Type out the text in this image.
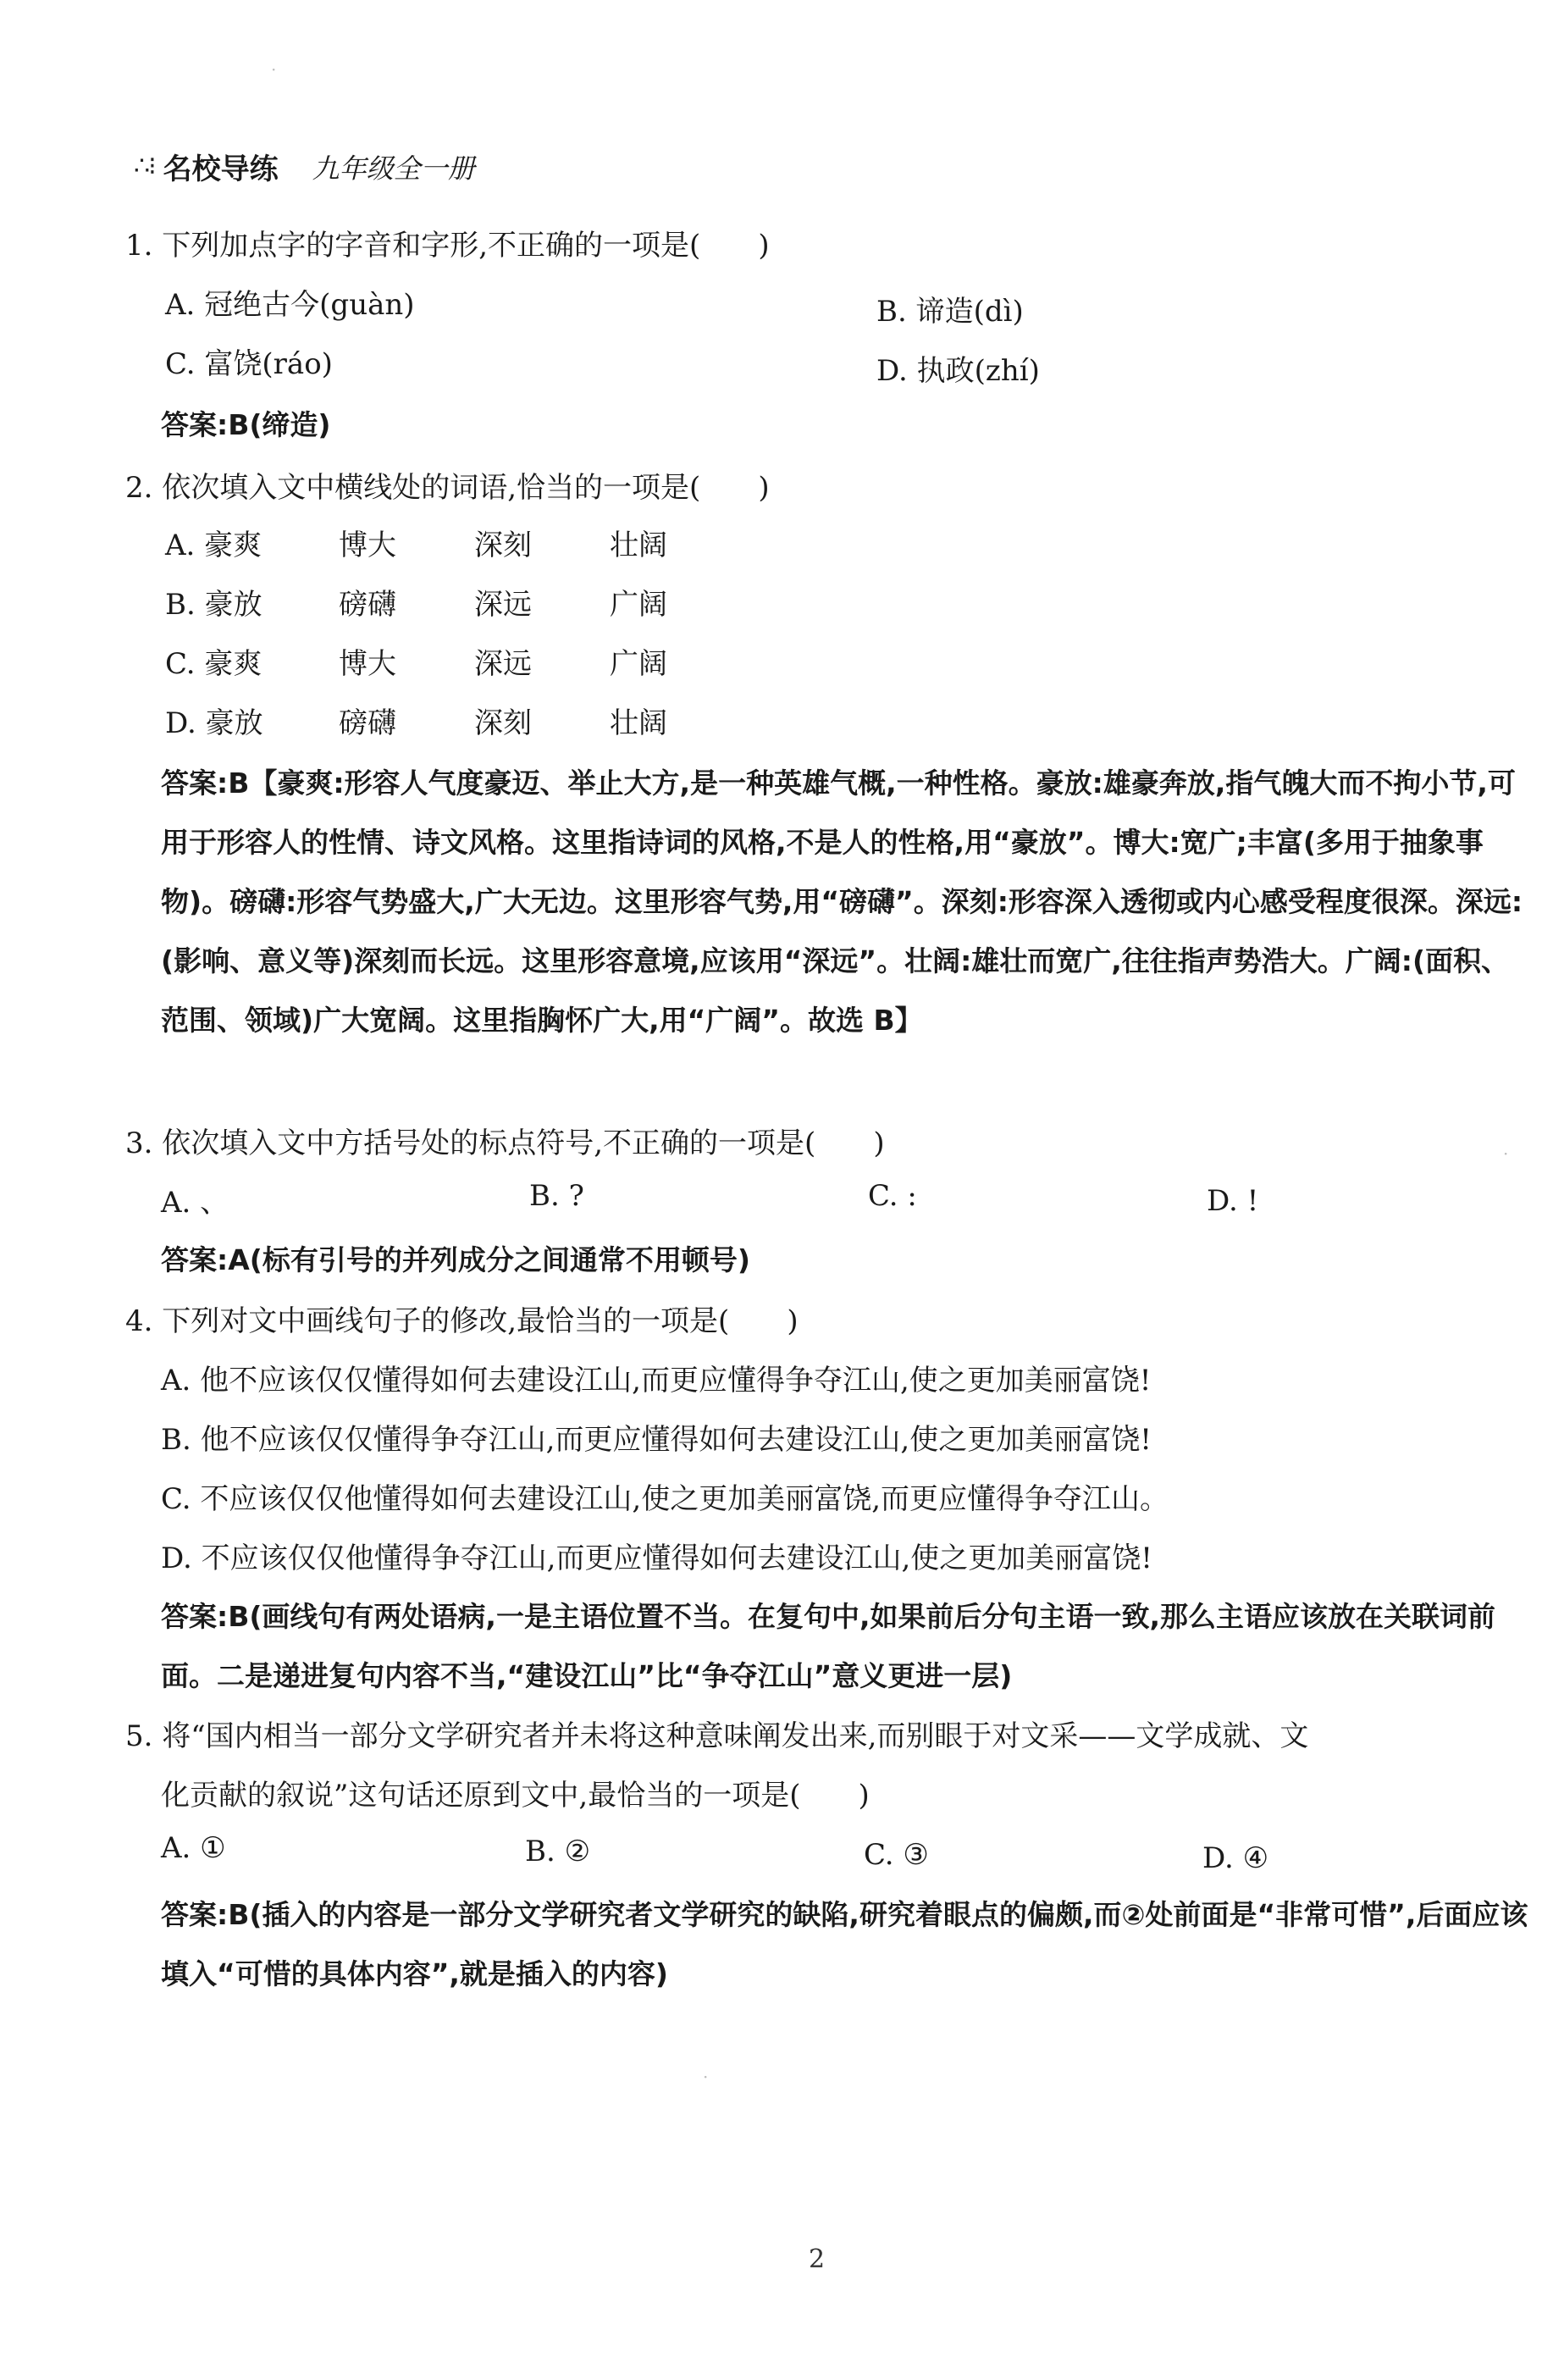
∴⁝ 名校导练 九年级全一册
1. 下列加点字的字音和字形,不正确的一项是(　　)
A. 冠绝古今(guàn)	B. 谛造(dì)
C. 富饶(ráo)	D. 执政(zhí)
答案:B(缔造)
2. 依次填入文中横线处的词语,恰当的一项是(　　)
A. 豪爽	博大	深刻	壮阔
B. 豪放	磅礴	深远	广阔
C. 豪爽	博大	深远	广阔
D. 豪放	磅礴	深刻	壮阔
答案:B【豪爽:形容人气度豪迈、举止大方,是一种英雄气概,一种性格。豪放:雄豪奔放,指气魄大而不拘小节,可用于形容人的性情、诗文风格。这里指诗词的风格,不是人的性格,用“豪放”。博大:宽广;丰富(多用于抽象事物)。磅礴:形容气势盛大,广大无边。这里形容气势,用“磅礴”。深刻:形容深入透彻或内心感受程度很深。深远:(影响、意义等)深刻而长远。这里形容意境,应该用“深远”。壮阔:雄壮而宽广,往往指声势浩大。广阔:(面积、范围、领域)广大宽阔。这里指胸怀广大,用“广阔”。故选 B】
3. 依次填入文中方括号处的标点符号,不正确的一项是(　　)
A. 、	B. ?	C. :	D. !
答案:A(标有引号的并列成分之间通常不用顿号)
4. 下列对文中画线句子的修改,最恰当的一项是(　　)
A. 他不应该仅仅懂得如何去建设江山,而更应懂得争夺江山,使之更加美丽富饶!
B. 他不应该仅仅懂得争夺江山,而更应懂得如何去建设江山,使之更加美丽富饶!
C. 不应该仅仅他懂得如何去建设江山,使之更加美丽富饶,而更应懂得争夺江山。
D. 不应该仅仅他懂得争夺江山,而更应懂得如何去建设江山,使之更加美丽富饶!
答案:B(画线句有两处语病,一是主语位置不当。在复句中,如果前后分句主语一致,那么主语应该放在关联词前面。二是递进复句内容不当,“建设江山”比“争夺江山”意义更进一层)
5. 将“国内相当一部分文学研究者并未将这种意味阐发出来,而别眼于对文采——文学成就、文
化贡献的叙说”这句话还原到文中,最恰当的一项是(　　)
A. ①	B. ②	C. ③	D. ④
答案:B(插入的内容是一部分文学研究者文学研究的缺陷,研究着眼点的偏颇,而②处前面是“非常可惜”,后面应该填入“可惜的具体内容”,就是插入的内容)
2
·
·
·
